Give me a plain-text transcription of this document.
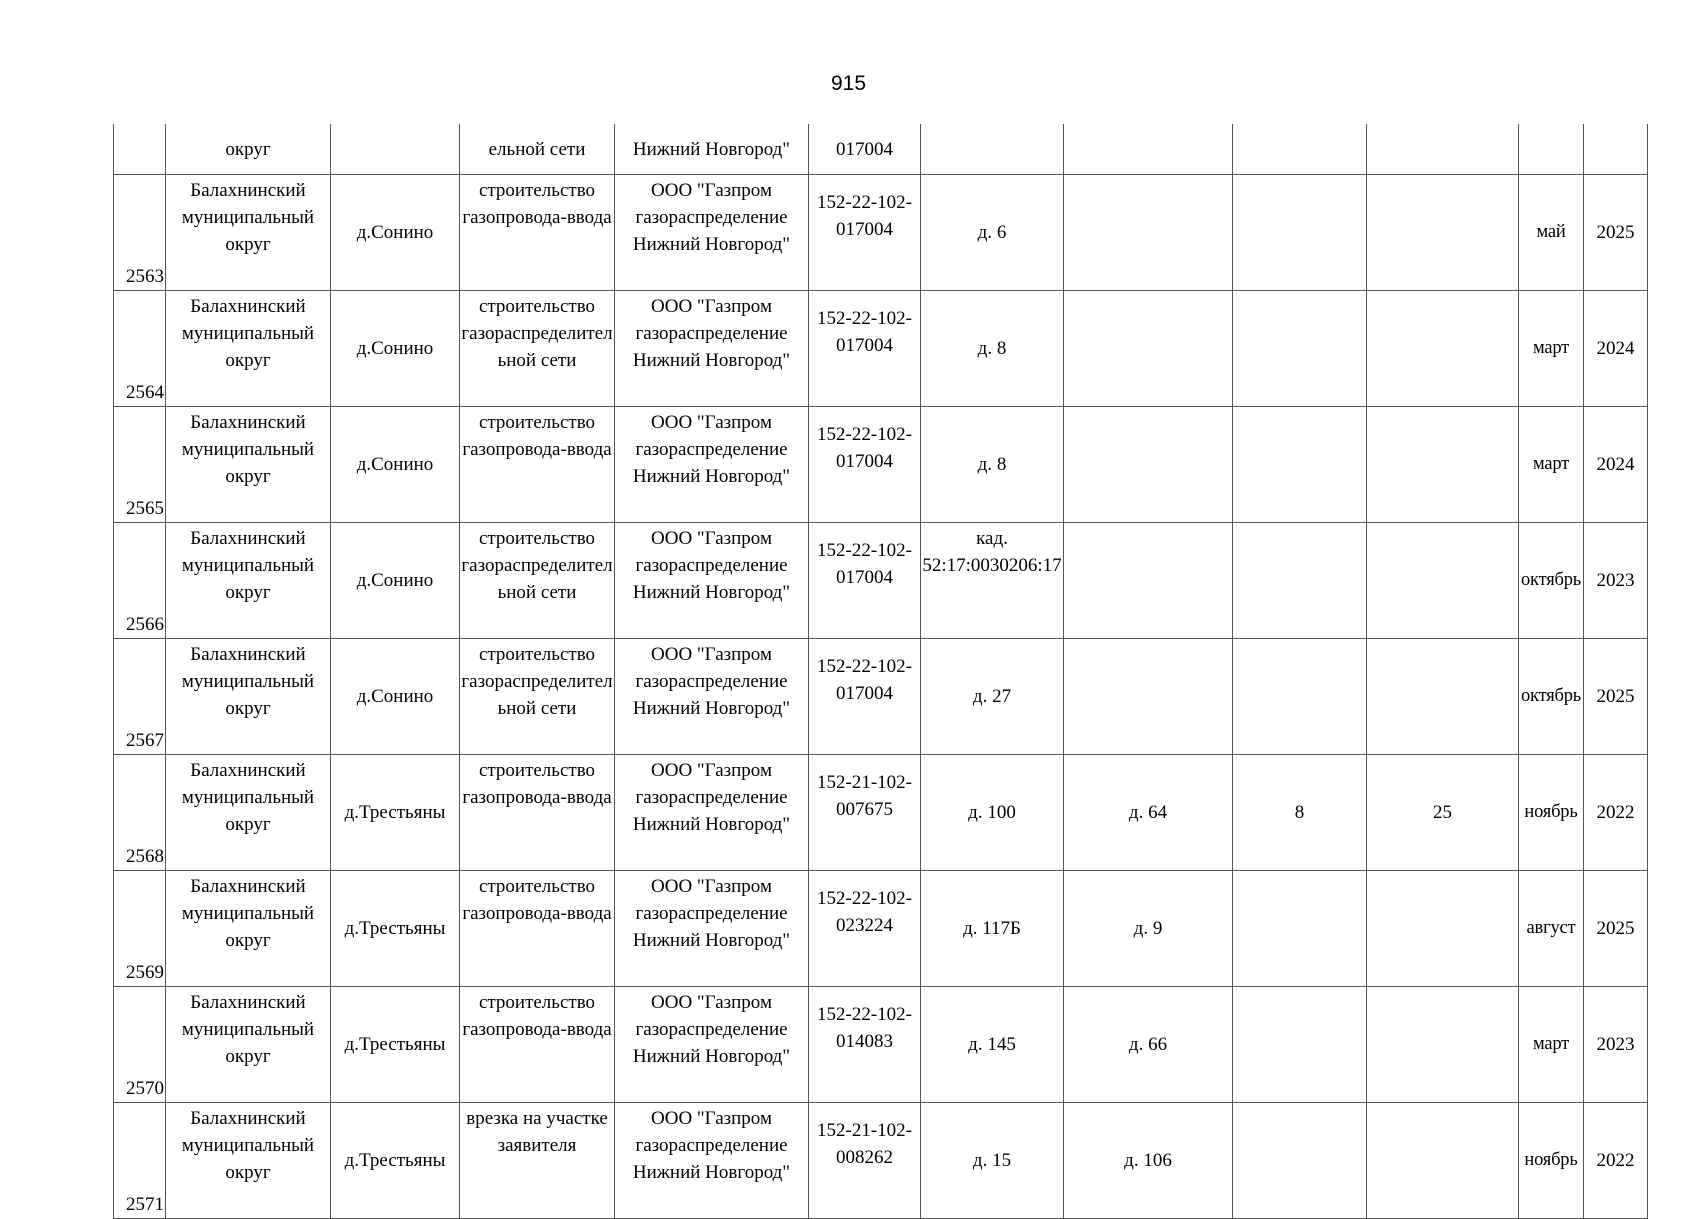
915
	округ		ельной сети	Нижний Новгород"	017004						
2563	Балахнинский муниципальный округ	д.Сонино	строительство газопровода-ввода	ООО "Газпром газораспределение Нижний Новгород"	152-22-102-017004	д. 6				май	2025
2564	Балахнинский муниципальный округ	д.Сонино	строительство газораспределительной сети	ООО "Газпром газораспределение Нижний Новгород"	152-22-102-017004	д. 8				март	2024
2565	Балахнинский муниципальный округ	д.Сонино	строительство газопровода-ввода	ООО "Газпром газораспределение Нижний Новгород"	152-22-102-017004	д. 8				март	2024
2566	Балахнинский муниципальный округ	д.Сонино	строительство газораспределительной сети	ООО "Газпром газораспределение Нижний Новгород"	152-22-102-017004	кад. 52:17:0030206:17				октябрь	2023
2567	Балахнинский муниципальный округ	д.Сонино	строительство газораспределительной сети	ООО "Газпром газораспределение Нижний Новгород"	152-22-102-017004	д. 27				октябрь	2025
2568	Балахнинский муниципальный округ	д.Трестьяны	строительство газопровода-ввода	ООО "Газпром газораспределение Нижний Новгород"	152-21-102-007675	д. 100	д. 64	8	25	ноябрь	2022
2569	Балахнинский муниципальный округ	д.Трестьяны	строительство газопровода-ввода	ООО "Газпром газораспределение Нижний Новгород"	152-22-102-023224	д. 117Б	д. 9			август	2025
2570	Балахнинский муниципальный округ	д.Трестьяны	строительство газопровода-ввода	ООО "Газпром газораспределение Нижний Новгород"	152-22-102-014083	д. 145	д. 66			март	2023
2571	Балахнинский муниципальный округ	д.Трестьяны	врезка на участке заявителя	ООО "Газпром газораспределение Нижний Новгород"	152-21-102-008262	д. 15	д. 106			ноябрь	2022
